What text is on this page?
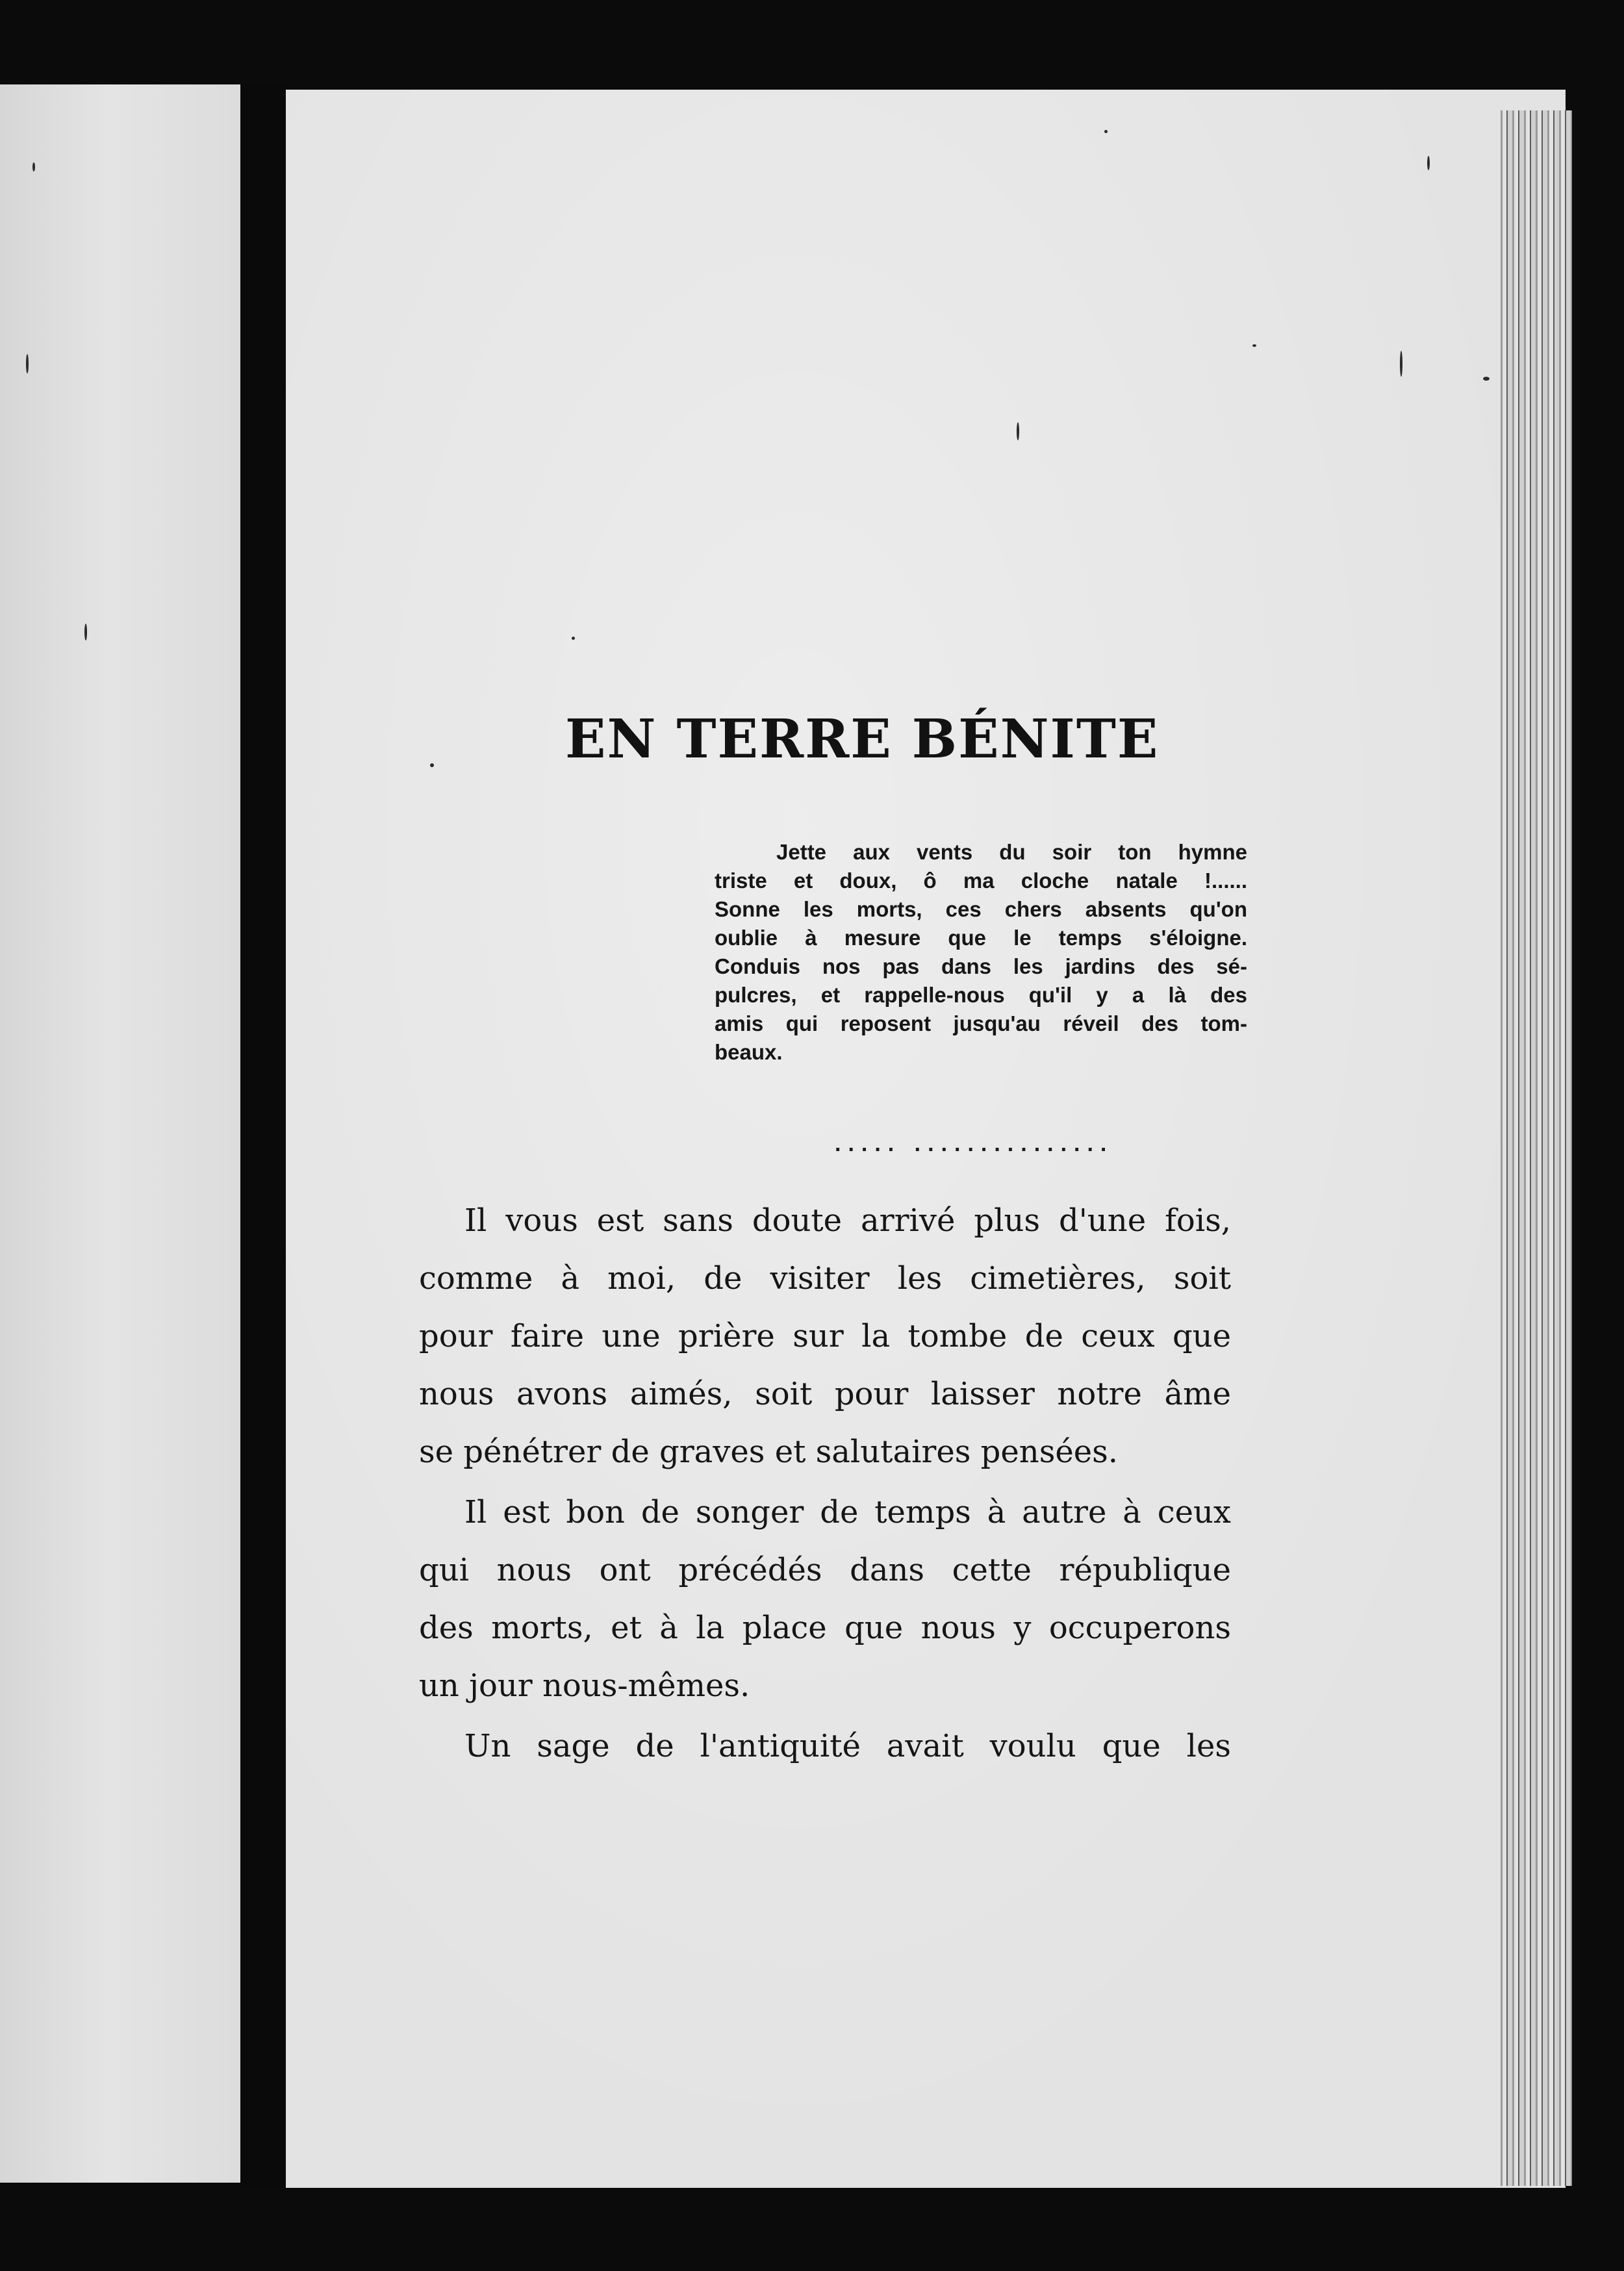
EN TERRE BÉNITE
Jette aux vents du soir ton hymne
triste et doux, ô ma cloche natale !......
Sonne les morts, ces chers absents qu'on
oublie à mesure que le temps s'éloigne.
Conduis nos pas dans les jardins des sé-
pulcres, et rappelle-nous qu'il y a là des
amis qui reposent jusqu'au réveil des tom-
beaux.
..... ...............

Il vous est sans doute arrivé plus d'une fois,
comme à moi, de visiter les cimetières, soit
pour faire une prière sur la tombe de ceux que
nous avons aimés, soit pour laisser notre âme
se pénétrer de graves et salutaires pensées.

Il est bon de songer de temps à autre à ceux
qui nous ont précédés dans cette république
des morts, et à la place que nous y occuperons
un jour nous-mêmes.

Un sage de l'antiquité avait voulu que les
